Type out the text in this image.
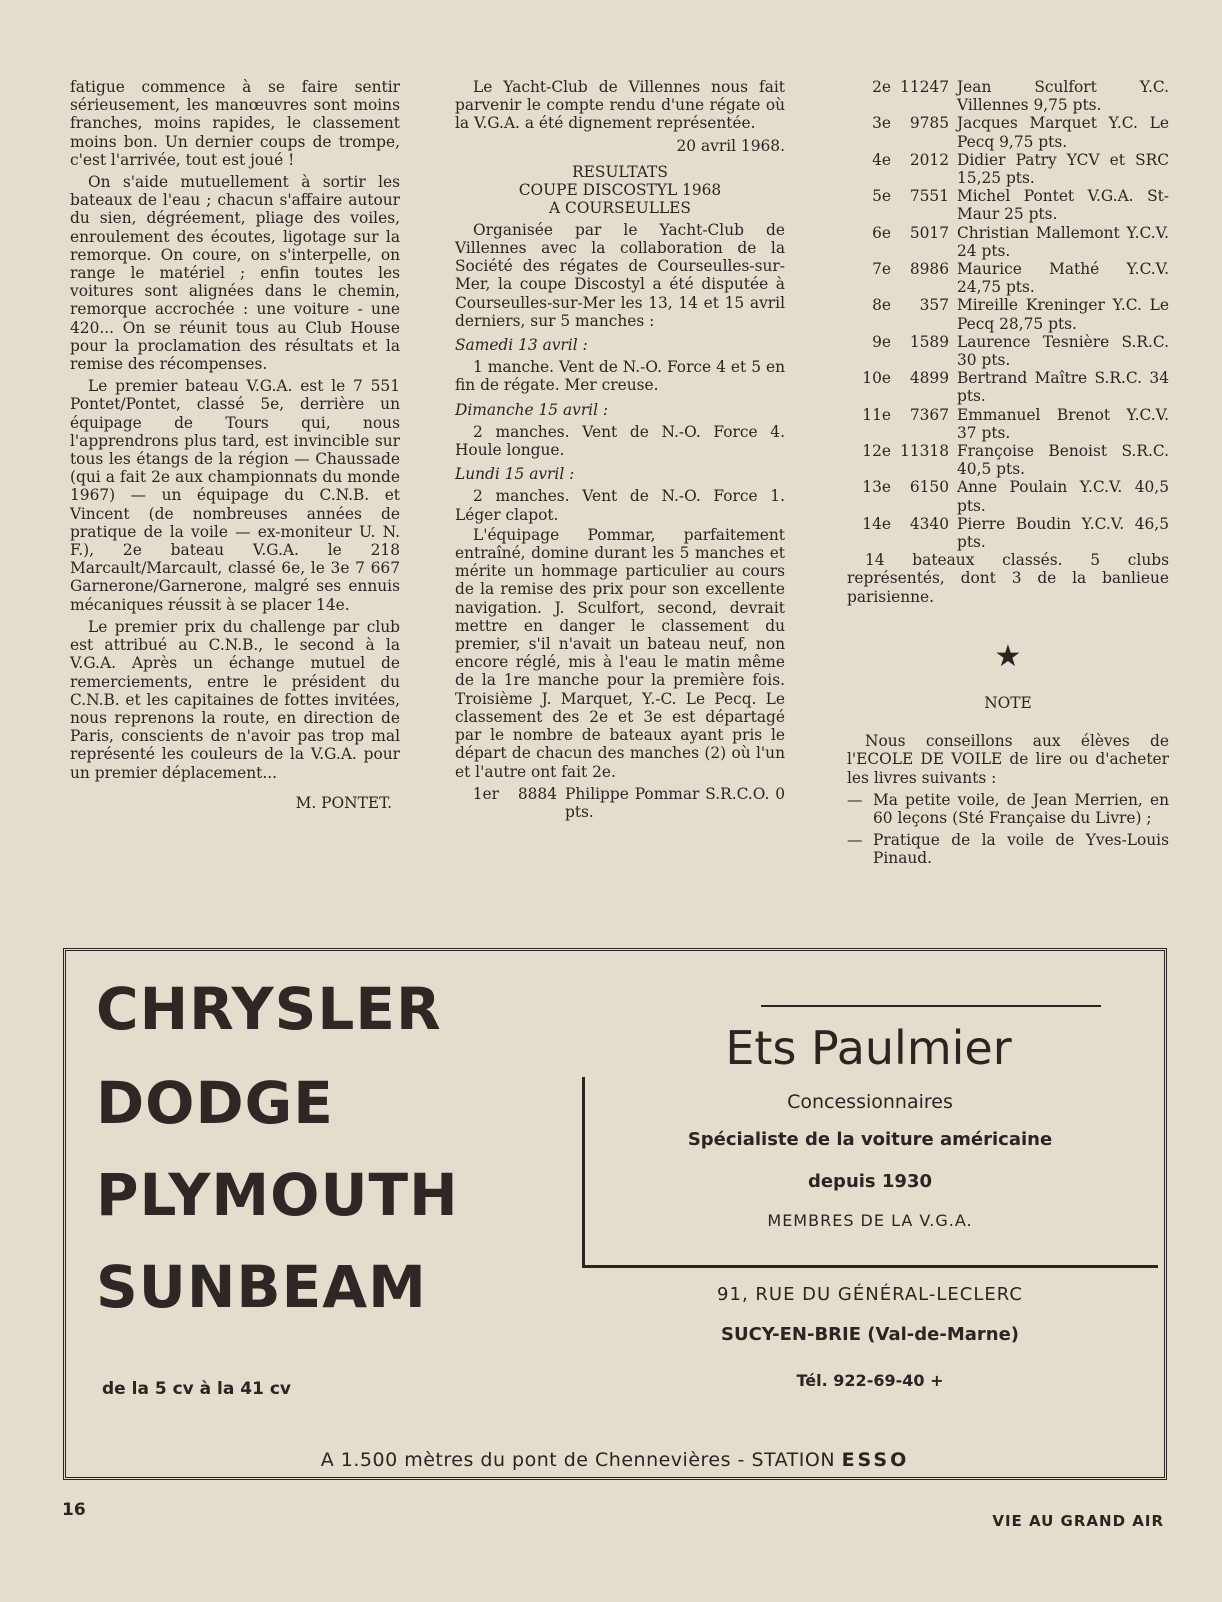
fatigue commence à se faire sentir sérieusement, les manœuvres sont moins franches, moins rapides, le classement moins bon. Un dernier coups de trompe, c'est l'arrivée, tout est joué !

On s'aide mutuellement à sortir les bateaux de l'eau ; chacun s'affaire autour du sien, dégréement, pliage des voiles, enroulement des écoutes, ligotage sur la remorque. On coure, on s'interpelle, on range le matériel ; enfin toutes les voitures sont alignées dans le chemin, remorque accrochée : une voiture - une 420... On se réunit tous au Club House pour la proclamation des résultats et la remise des récompenses.

Le premier bateau V.G.A. est le 7 551 Pontet/Pontet, classé 5e, derrière un équipage de Tours qui, nous l'apprendrons plus tard, est invincible sur tous les étangs de la région — Chaussade (qui a fait 2e aux championnats du monde 1967) — un équipage du C.N.B. et Vincent (de nombreuses années de pratique de la voile — ex-moniteur U. N. F.), 2e bateau V.G.A. le 218 Marcault/Marcault, classé 6e, le 3e 7 667 Garnerone/Garnerone, malgré ses ennuis mécaniques réussit à se placer 14e.

Le premier prix du challenge par club est attribué au C.N.B., le second à la V.G.A. Après un échange mutuel de remerciements, entre le président du C.N.B. et les capitaines de fottes invitées, nous reprenons la route, en direction de Paris, conscients de n'avoir pas trop mal représenté les couleurs de la V.G.A. pour un premier déplacement...

M. PONTET.

Le Yacht-Club de Villennes nous fait parvenir le compte rendu d'une régate où la V.G.A. a été dignement représentée.

20 avril 1968.

RESULTATS
COUPE DISCOSTYL 1968
A COURSEULLES

Organisée par le Yacht-Club de Villennes avec la collaboration de la Société des régates de Courseulles-sur-Mer, la coupe Discostyl a été disputée à Courseulles-sur-Mer les 13, 14 et 15 avril derniers, sur 5 manches :

Samedi 13 avril :

1 manche. Vent de N.-O. Force 4 et 5 en fin de régate. Mer creuse.

Dimanche 15 avril :

2 manches. Vent de N.-O. Force 4. Houle longue.

Lundi 15 avril :

2 manches. Vent de N.-O. Force 1. Léger clapot.

L'équipage Pommar, parfaitement entraîné, domine durant les 5 manches et mérite un hommage particulier au cours de la remise des prix pour son excellente navigation. J. Sculfort, second, devrait mettre en danger le classement du premier, s'il n'avait un bateau neuf, non encore réglé, mis à l'eau le matin même de la 1re manche pour la première fois. Troisième J. Marquet, Y.-C. Le Pecq. Le classement des 2e et 3e est départagé par le nombre de bateaux ayant pris le départ de chacun des manches (2) où l'un et l'autre ont fait 2e.

1er	8884 Philippe Pommar S.R.C.O. 0 pts.
2e 11247 Jean Sculfort Y.C. Villennes 9,75 pts.
3e	9785 Jacques Marquet Y.C. Le Pecq 9,75 pts.
4e	2012 Didier Patry YCV et SRC 15,25 pts.
5e	7551 Michel Pontet V.G.A. St-Maur 25 pts.
6e	5017 Christian Mallemont Y.C.V. 24 pts.
7e	8986 Maurice Mathé Y.C.V. 24,75 pts.
8e	357 Mireille Kreninger Y.C. Le Pecq 28,75 pts.
9e	1589 Laurence Tesnière S.R.C. 30 pts.
10e	4899 Bertrand Maître S.R.C. 34 pts.
11e	7367 Emmanuel Brenot Y.C.V. 37 pts.
12e 11318 Françoise Benoist S.R.C. 40,5 pts.
13e	6150 Anne Poulain Y.C.V. 40,5 pts.
14e	4340 Pierre Boudin Y.C.V. 46,5 pts.

14 bateaux classés. 5 clubs représentés, dont 3 de la banlieue parisienne.

★
NOTE

Nous conseillons aux élèves de l'ECOLE DE VOILE de lire ou d'acheter les livres suivants :

— Ma petite voile, de Jean Merrien, en 60 leçons (Sté Française du Livre) ;
— Pratique de la voile de Yves-Louis Pinaud.
CHRYSLER
DODGE
PLYMOUTH
SUNBEAM
de la 5 cv à la 41 cv
Ets Paulmier
Concessionnaires
Spécialiste de la voiture américaine
depuis 1930
MEMBRES DE LA V.G.A.
91, RUE DU GÉNÉRAL-LECLERC
SUCY-EN-BRIE (Val-de-Marne)
Tél. 922-69-40 +
A 1.500 mètres du pont de Chennevières - STATION ESSO
16
VIE AU GRAND AIR
